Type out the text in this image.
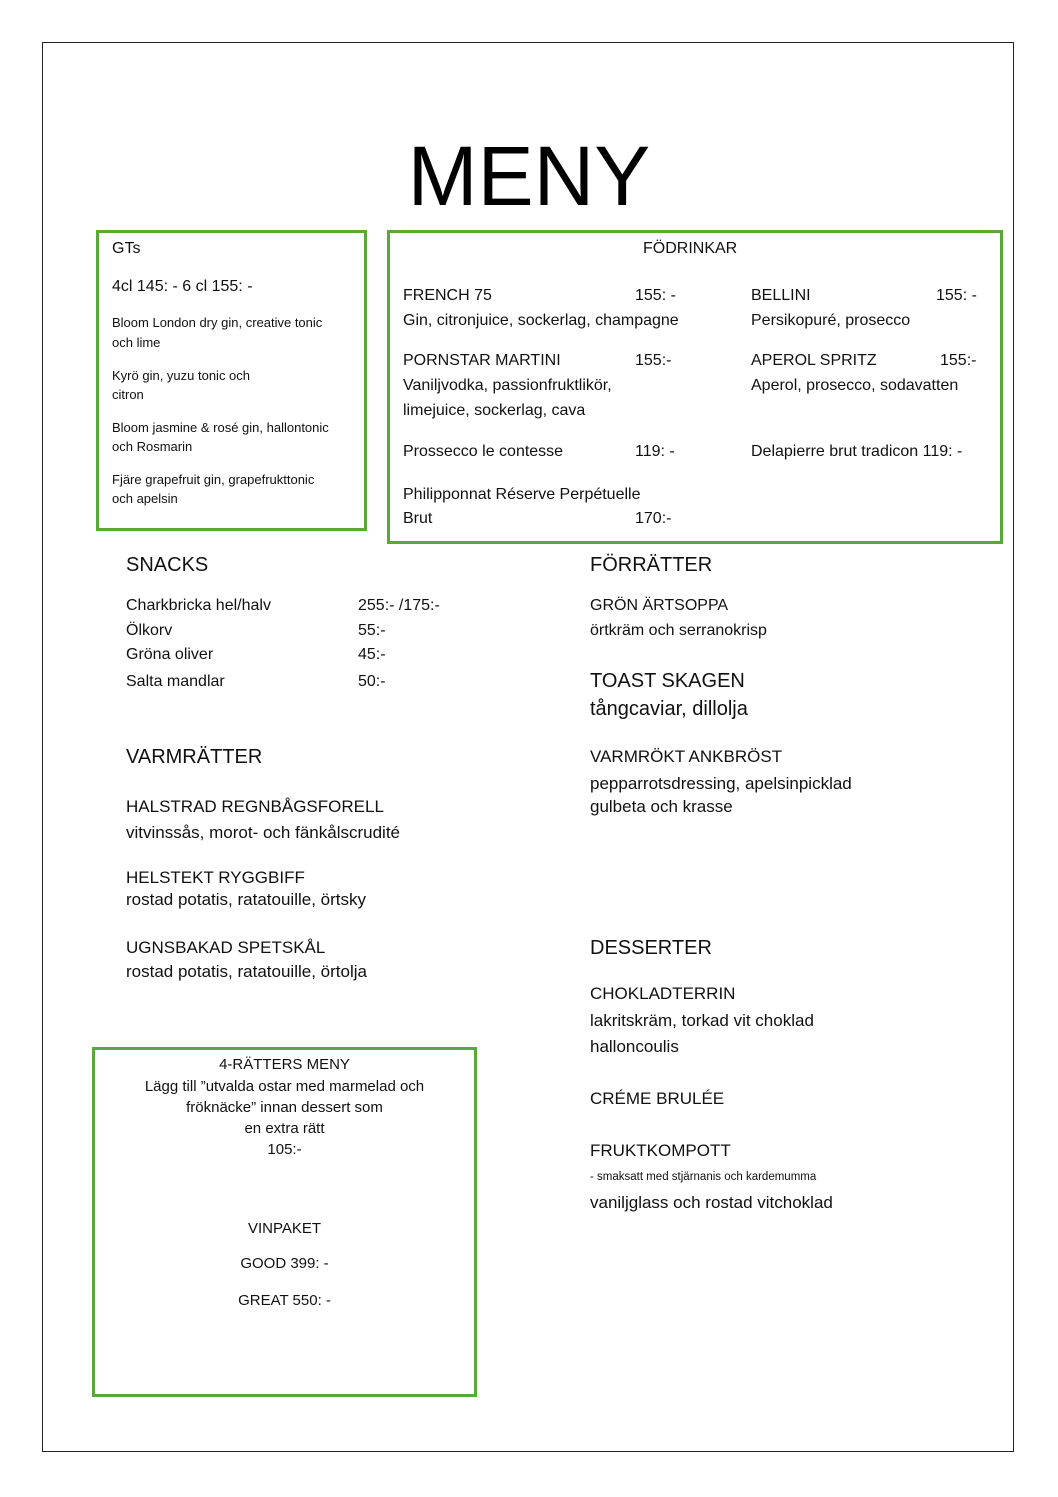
MENY
GTs
4cl 145: - 6 cl 155: -
Bloom London dry gin, creative tonic
och lime
Kyrö gin, yuzu tonic och
citron
Bloom jasmine & rosé gin, hallontonic
och Rosmarin
Fjäre grapefruit gin, grapefrukttonic
och apelsin
FÖDRINKAR
FRENCH 75	155: -
Gin, citronjuice, sockerlag, champagne
PORNSTAR MARTINI	155:-
Vaniljvodka, passionfruktlikör,
limejuice, sockerlag, cava
Prossecco le contesse	119: -
Philipponnat Réserve Perpétuelle
Brut	170:-
BELLINI	155: -
Persikopuré, prosecco
APEROL SPRITZ	155:-
Aperol, prosecco, sodavatten
Delapierre brut tradicon 119: -
SNACKS
Charkbricka hel/halv	255:- /175:-
Ölkorv	55:-
Gröna oliver	45:-
Salta mandlar	50:-
FÖRRÄTTER
GRÖN ÄRTSOPPA
örtkräm och serranokrisp
TOAST SKAGEN
tångcaviar, dillolja
VARMRÖKT ANKBRÖST
pepparrotsdressing, apelsinpicklad
gulbeta och krasse
VARMRÄTTER
HALSTRAD REGNBÅGSFORELL
vitvinssås, morot- och fänkålscrudité
HELSTEKT RYGGBIFF
rostad potatis, ratatouille, örtsky
UGNSBAKAD SPETSKÅL
rostad potatis, ratatouille, örtolja
DESSERTER
CHOKLADTERRIN
lakritskräm, torkad vit choklad
halloncoulis
CRÉME BRULÉE
FRUKTKOMPOTT
- smaksatt med stjärnanis och kardemumma
vaniljglass och rostad vitchoklad
4-RÄTTERS MENY
Lägg till ”utvalda ostar med marmelad och
fröknäcke” innan dessert som
en extra rätt
105:-
VINPAKET
GOOD 399: -
GREAT 550: -
